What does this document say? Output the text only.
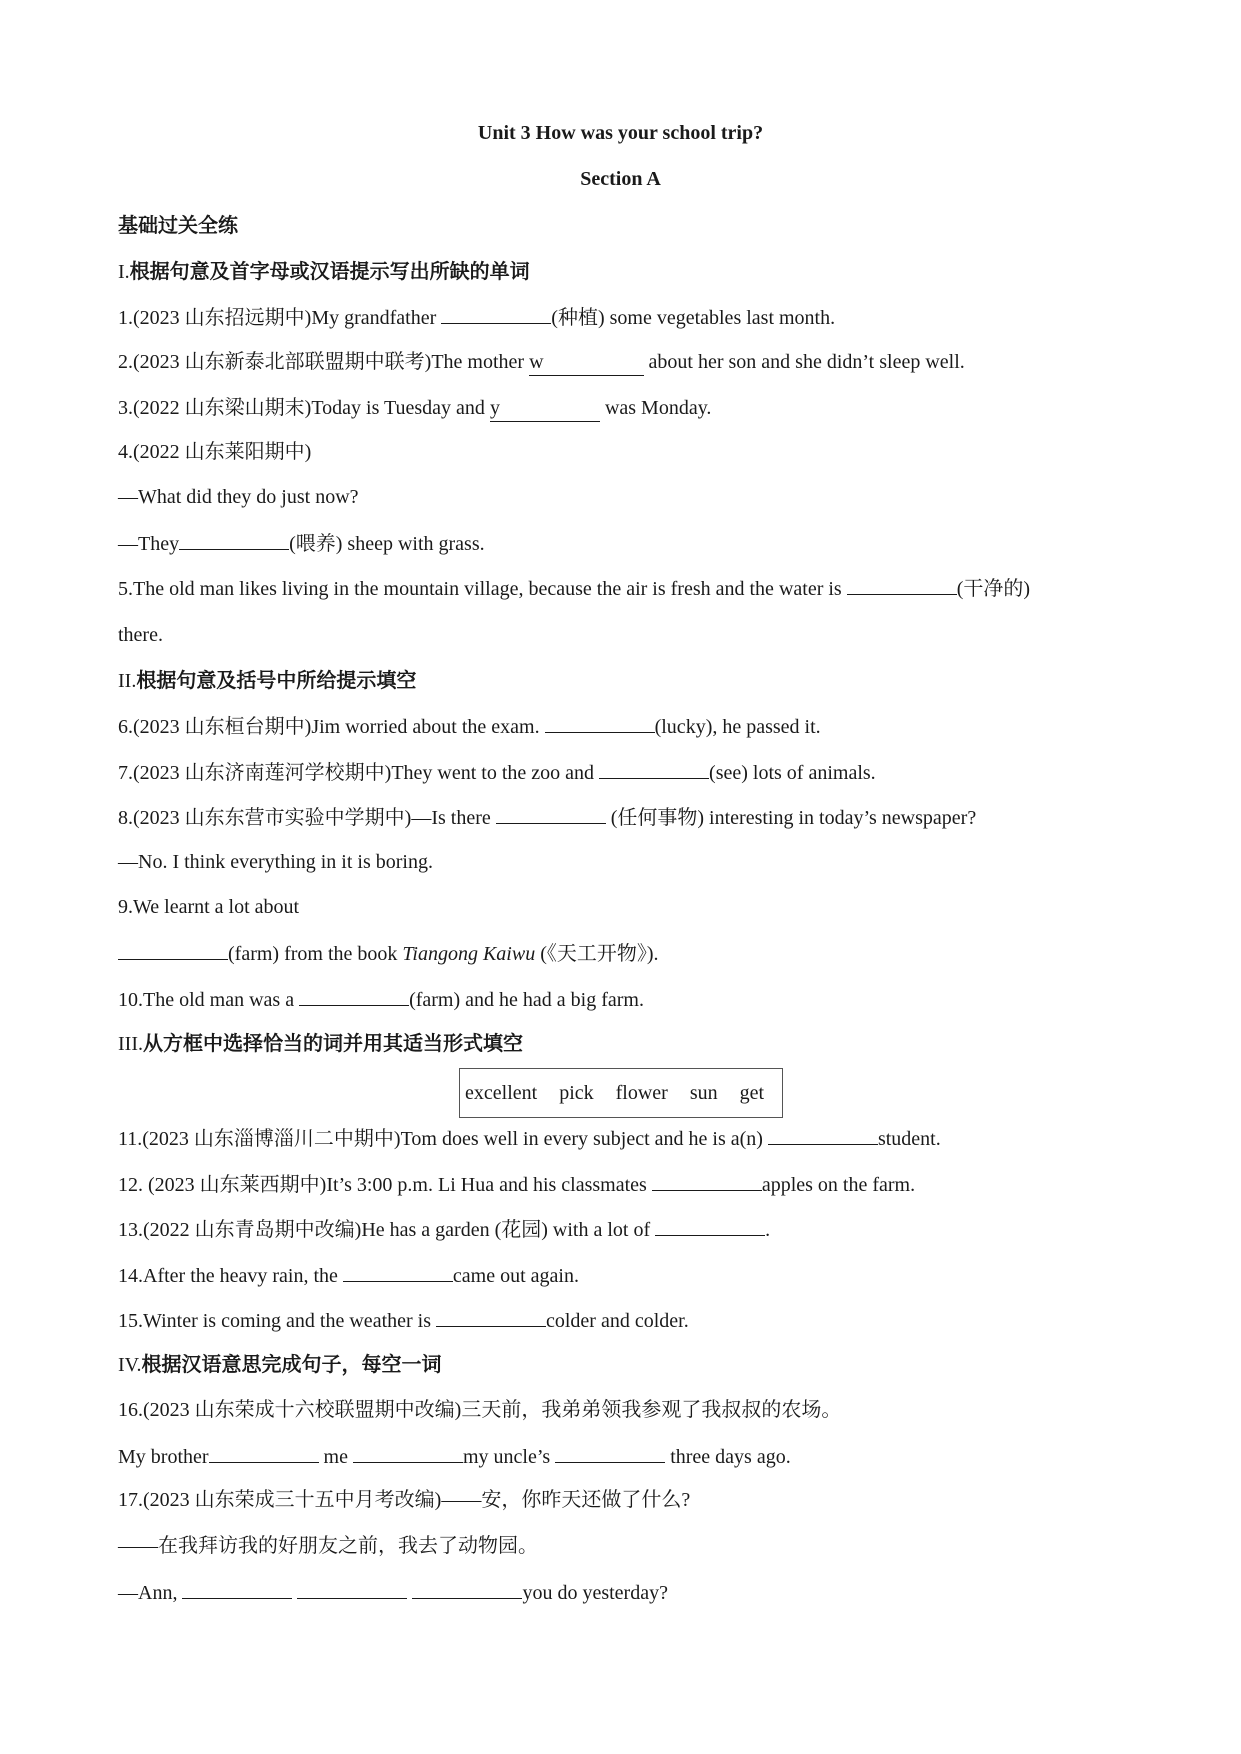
Unit 3 How was your school trip?
Section A
基础过关全练
I.根据句意及首字母或汉语提示写出所缺的单词
1.(2023 山东招远期中)My grandfather	(种植) some vegetables last month.
2.(2023 山东新泰北部联盟期中联考)The mother w	about her son and she didn’t sleep well.
3.(2022 山东梁山期末)Today is Tuesday and y	was Monday.
4.(2022 山东莱阳期中)
—What did they do just now?
—They	(喂养) sheep with grass.
5.The old man likes living in the mountain village, because the air is fresh and the water is	(干净的)
there.
II.根据句意及括号中所给提示填空
6.(2023 山东桓台期中)Jim worried about the exam.	(lucky), he passed it.
7.(2023 山东济南莲河学校期中)They went to the zoo and	(see) lots of animals.
8.(2023 山东东营市实验中学期中)—Is there	(任何事物) interesting in today’s newspaper?
—No. I think everything in it is boring.
9.We learnt a lot about
(farm) from the book Tiangong Kaiwu (《天工开物》).
10.The old man was a	(farm) and he had a big farm.
III.从方框中选择恰当的词并用其适当形式填空
excellent pick flower sun get
11.(2023 山东淄博淄川二中期中)Tom does well in every subject and he is a(n)	student.
12. (2023 山东莱西期中)It’s 3:00 p.m. Li Hua and his classmates	apples on the farm.
13.(2022 山东青岛期中改编)He has a garden (花园) with a lot of	.
14.After the heavy rain, the	came out again.
15.Winter is coming and the weather is	colder and colder.
IV.根据汉语意思完成句子，每空一词
16.(2023 山东荣成十六校联盟期中改编)三天前，我弟弟领我参观了我叔叔的农场。
My brother	me	my uncle’s	three days ago.
17.(2023 山东荣成三十五中月考改编)——安，你昨天还做了什么?
——在我拜访我的好朋友之前，我去了动物园。
—Ann,	you do yesterday?
